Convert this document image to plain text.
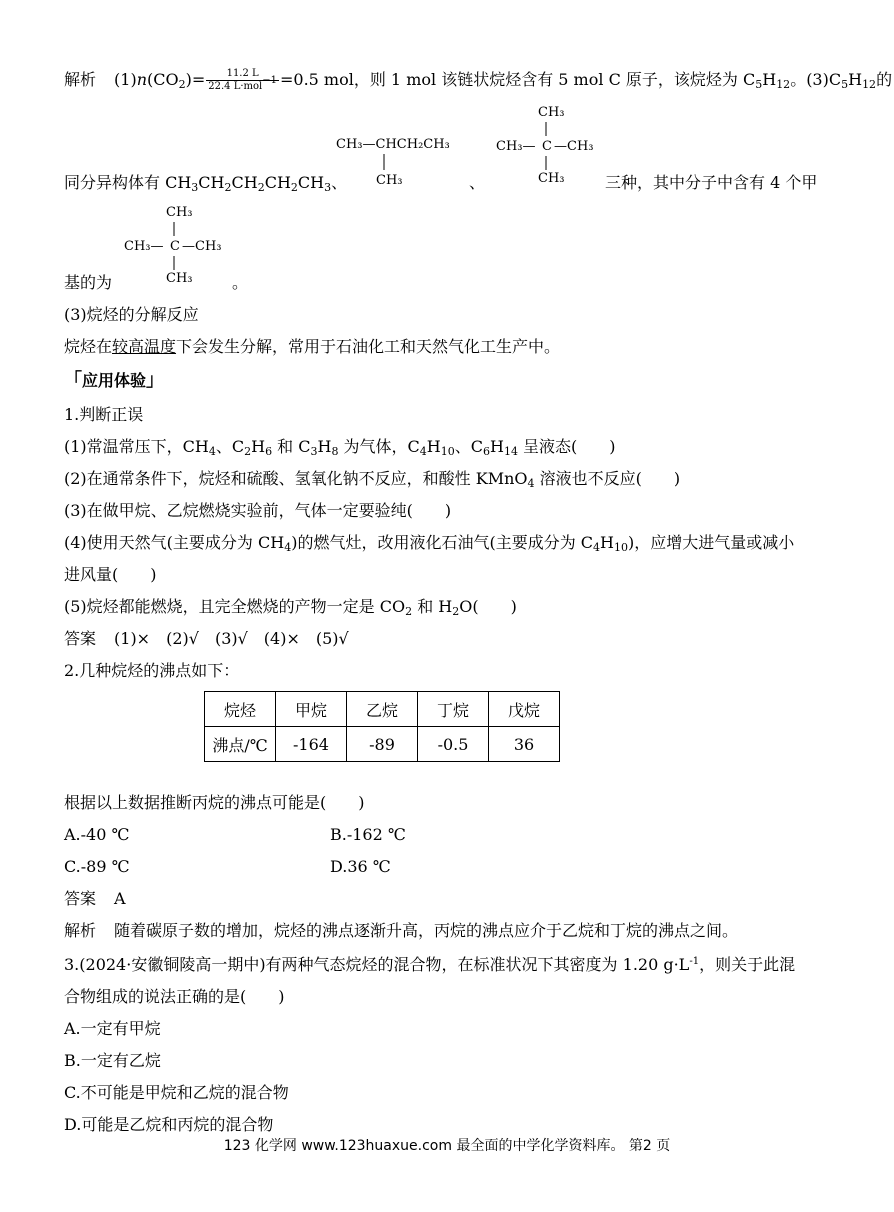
解析 $(1)n(CO_2)= \frac{11.2 L}{22.4 L\cdot mol^{-1}} =0.5$ mol，则 1 mol 该链状烷烃含有 5 mol C 原子，该烷烃为 $C_5H_{12}$。$(3)C_5H_{12}$的
CH₃—CHCH₂CH₃
CH₃
CH₃
CH₃— C —CH₃
CH₃
同分异构体有 $CH_3CH_2CH_2CH_2CH_3$、	、	三种，其中分子中含有 4 个甲
CH₃
CH₃— C —CH₃
CH₃
基的为	。
(3)烷烃的分解反应
烷烃在较高温度下会发生分解，常用于石油化工和天然气化工生产中。
「应用体验」
1.判断正误
(1)常温常压下，$CH_4$、$C_2H_6$ 和 $C_3H_8$ 为气体，$C_4H_{10}$、$C_6H_{14}$ 呈液态(　　)
(2)在通常条件下，烷烃和硫酸、氢氧化钠不反应，和酸性 KMnO$_4$ 溶液也不反应(　　)
(3)在做甲烷、乙烷燃烧实验前，气体一定要验纯(　　)
(4)使用天然气(主要成分为 $CH_4$)的燃气灶，改用液化石油气(主要成分为 $C_4H_{10}$)，应增大进气量或减小
进风量(　　)
(5)烷烃都能燃烧，且完全燃烧的产物一定是 $CO_2$ 和 $H_2O$(　　)
答案 (1)×　(2)√　(3)√　(4)×　(5)√
2.几种烷烃的沸点如下：
烷烃	甲烷	乙烷	丁烷	戊烷
沸点/℃	-164	-89	-0.5	36
根据以上数据推断丙烷的沸点可能是(　　)
A.-40 ℃	B.-162 ℃
C.-89 ℃	D.36 ℃
答案 A
解析 随着碳原子数的增加，烷烃的沸点逐渐升高，丙烷的沸点应介于乙烷和丁烷的沸点之间。
3.(2024·安徽铜陵高一期中)有两种气态烷烃的混合物，在标准状况下其密度为 1.20 $g\cdot L^{-1}$，则关于此混
合物组成的说法正确的是(　　)
A.一定有甲烷
B.一定有乙烷
C.不可能是甲烷和乙烷的混合物
D.可能是乙烷和丙烷的混合物
123 化学网 www.123huaxue.com 最全面的中学化学资料库。 第2 页
